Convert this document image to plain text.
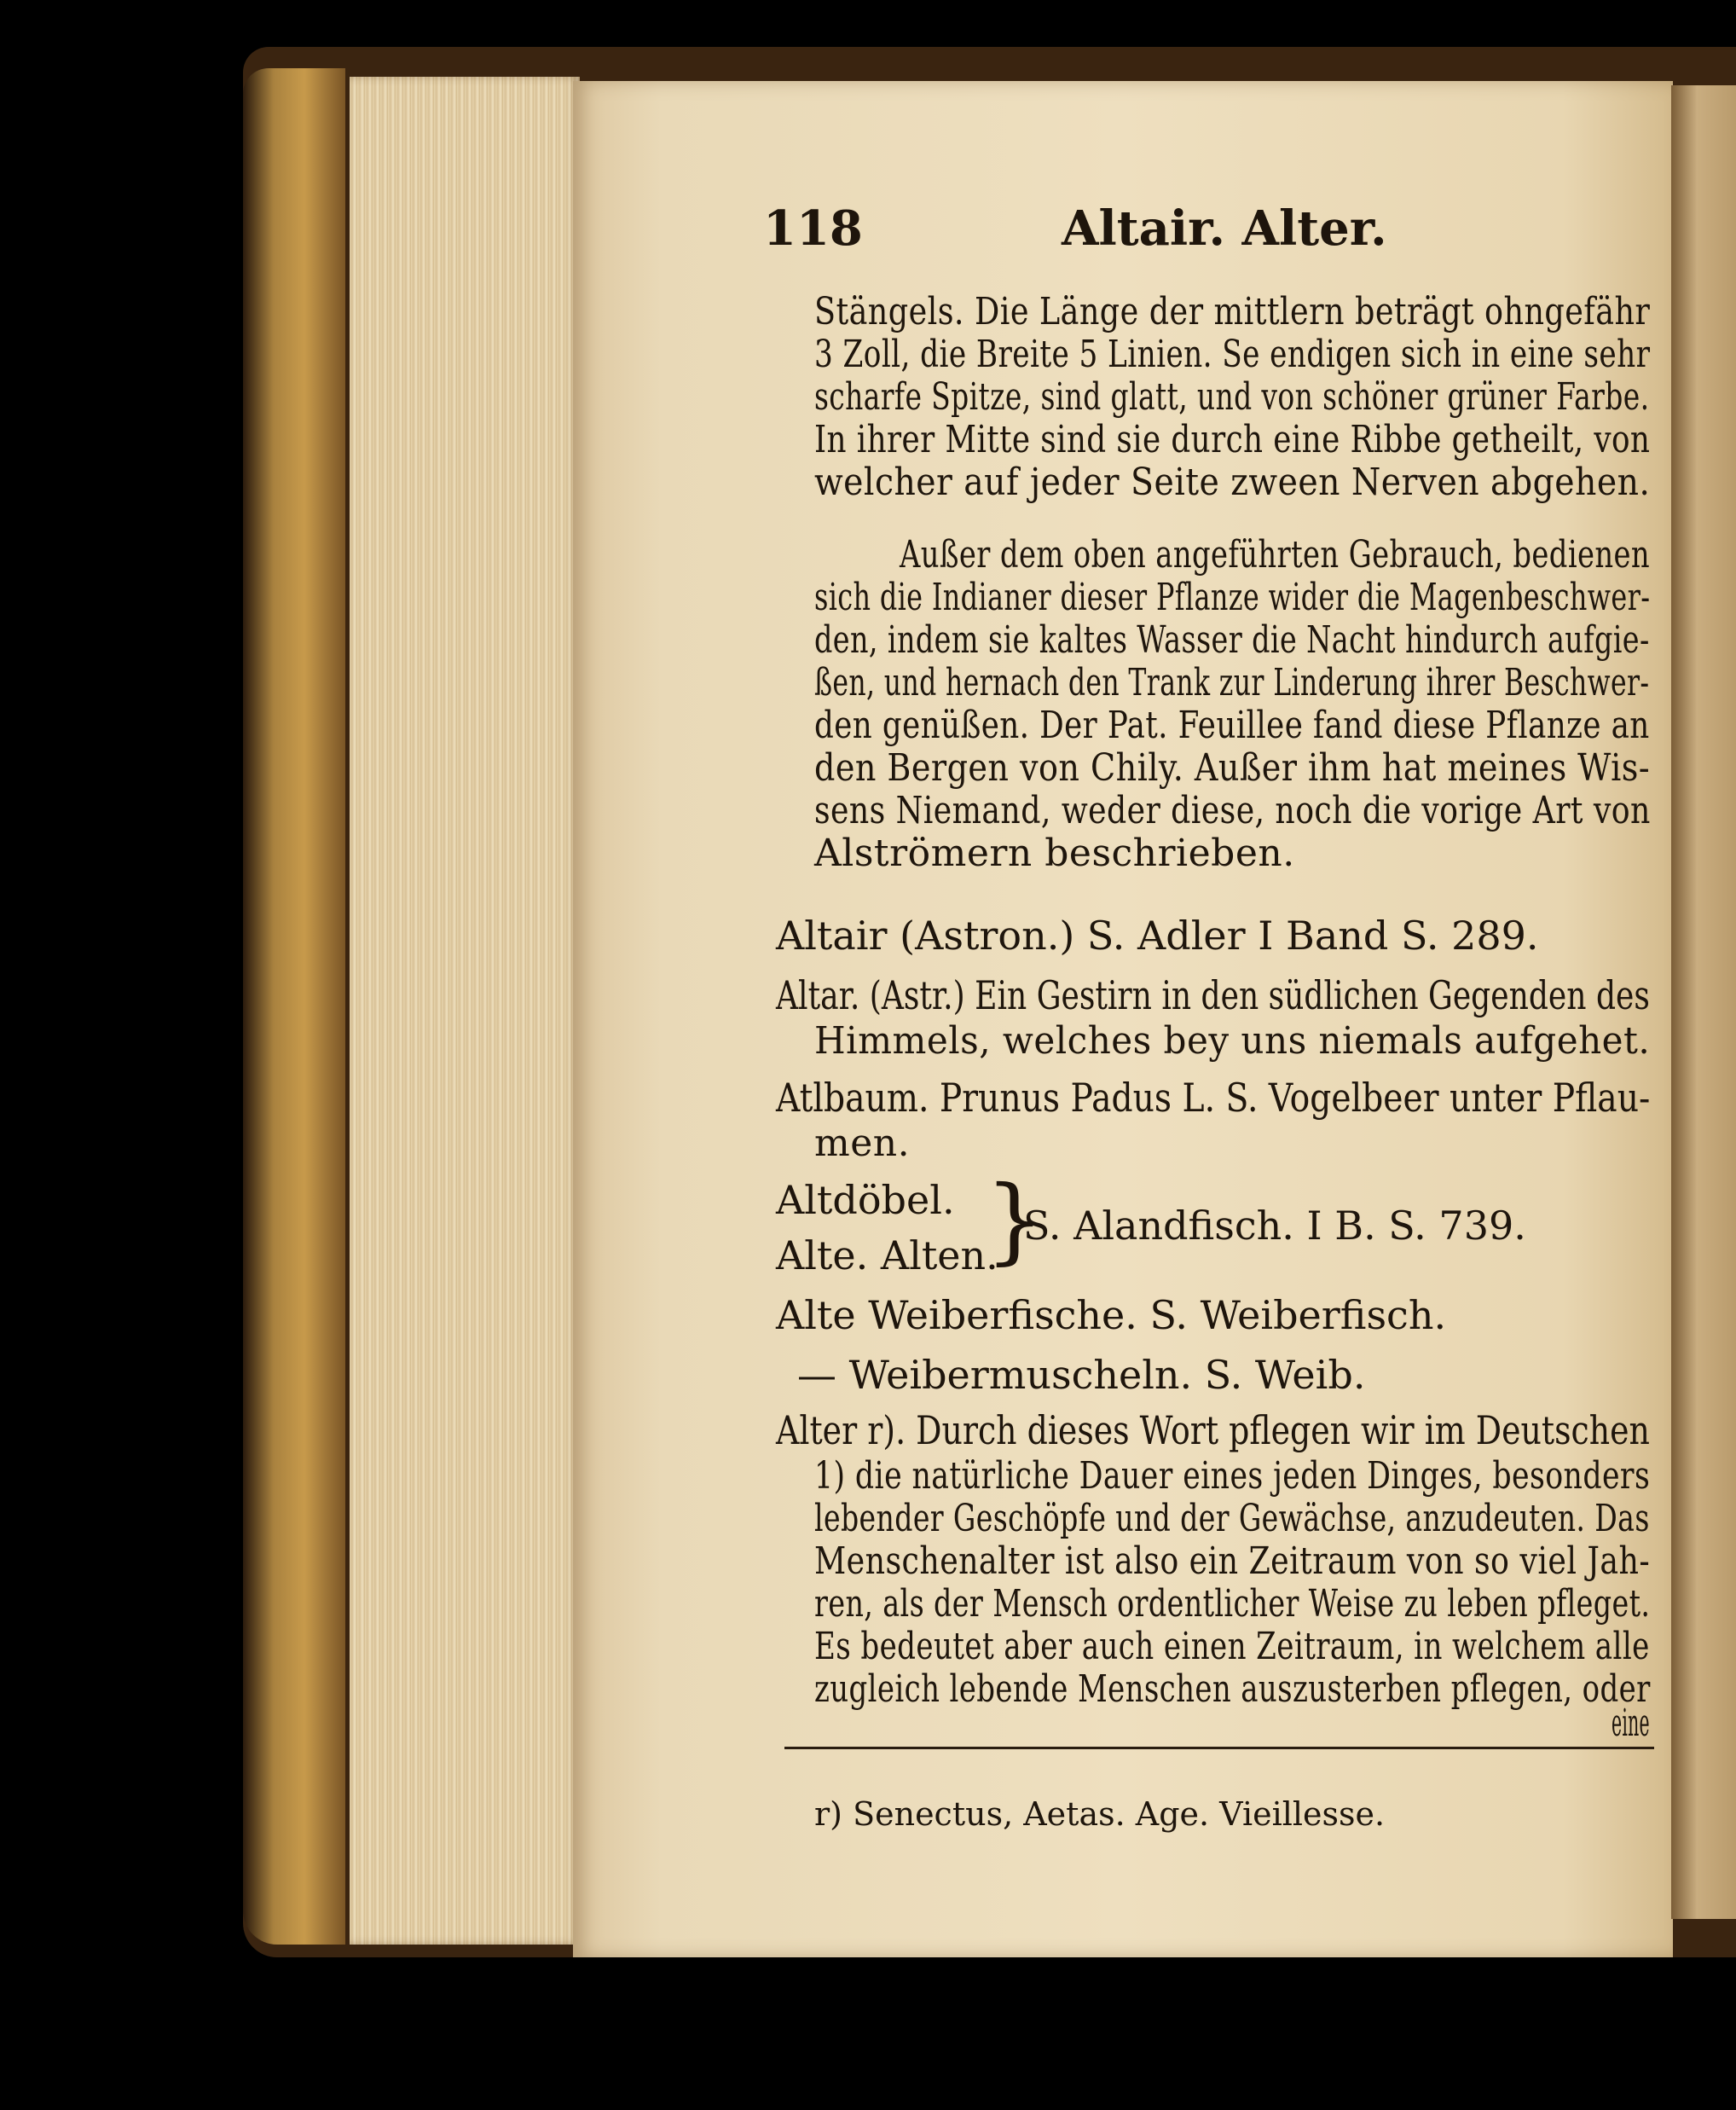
118	Altair. Alter.
Stängels. Die Länge der mittlern beträgt ohngefähr
3 Zoll, die Breite 5 Linien. Se endigen sich in eine sehr
scharfe Spitze, sind glatt, und von schöner grüner Farbe.
In ihrer Mitte sind sie durch eine Ribbe getheilt, von
welcher auf jeder Seite zween Nerven abgehen.
Außer dem oben angeführten Gebrauch, bedienen
sich die Indianer dieser Pflanze wider die Magenbeschwer-
den, indem sie kaltes Wasser die Nacht hindurch aufgie-
ßen, und hernach den Trank zur Linderung ihrer Beschwer-
den genüßen. Der Pat. Feuillee fand diese Pflanze an
den Bergen von Chily. Außer ihm hat meines Wis-
sens Niemand, weder diese, noch die vorige Art von
Alströmern beschrieben.
Altair (Astron.) S. Adler I Band S. 289.
Altar. (Astr.) Ein Gestirn in den südlichen Gegenden des
Himmels, welches bey uns niemals aufgehet.
Atlbaum. Prunus Padus L. S. Vogelbeer unter Pflau-
men.
Altdöbel.
Alte. Alten.
}
S. Alandfisch. I B. S. 739.
Alte Weiberfische. S. Weiberfisch.
— Weibermuscheln. S. Weib.
Alter r). Durch dieses Wort pflegen wir im Deutschen
1) die natürliche Dauer eines jeden Dinges, besonders
lebender Geschöpfe und der Gewächse, anzudeuten. Das
Menschenalter ist also ein Zeitraum von so viel Jah-
ren, als der Mensch ordentlicher Weise zu leben pfleget.
Es bedeutet aber auch einen Zeitraum, in welchem alle
zugleich lebende Menschen auszusterben pflegen, oder
eine
r) Senectus, Aetas. Age. Vieillesse.
